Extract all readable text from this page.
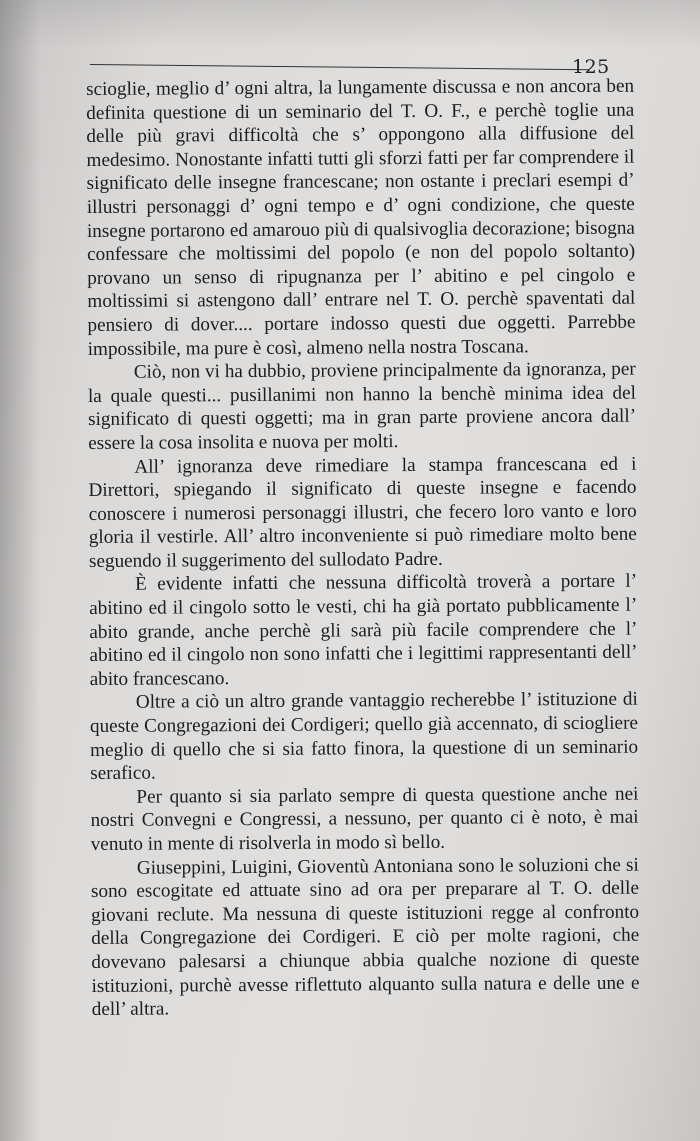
125

sciogliе, meglio d’ ogni altra, la lungamente discussa e non ancora ben definita questione di un seminario del T. O. F., e perchè toglie una delle più gravi difficoltà che s’ oppongono alla diffusione del medesimo. Nonostante infatti tutti gli sforzi fatti per far comprendere il significato delle insegne francescane; non ostante i preclari esempi d’ illustri personaggi d’ ogni tempo e d’ ogni condizione, che queste insegne portarono ed amarouo più di qualsivoglia decorazione; bisogna confessare che moltissimi del popolo (e non del popolo soltanto) provano un senso di ripugnanza per l’ abitino e pel cingolo e moltissimi si astengono dall’ entrare nel T. O. perchè spaventati dal pensiero di dover.... portare indosso questi due oggetti. Parrebbe impossibile, ma pure è così, almeno nella nostra Toscana.

Ciò, non vi ha dubbio, proviene principalmente da ignoranza, per la quale questi... pusillanimi non hanno la benchè minima idea del significato di questi oggetti; ma in gran parte proviene ancora dall’ essere la cosa insolita e nuova per molti.

All’ ignoranza deve rimediare la stampa francescana ed i Direttori, spiegando il significato di queste insegne e facendo conoscere i numerosi personaggi illustri, che fecero loro vanto e loro gloria il vestirle. All’ altro inconveniente si può rimediare molto bene seguendo il suggerimento del sullodato Padre.

È evidente infatti che nessuna difficoltà troverà a portare l’ abitino ed il cingolo sotto le vesti, chi ha già portato pubblicamente l’ abito grande, anche perchè gli sarà più facile comprendere che l’ abitino ed il cingolo non sono infatti che i legittimi rappresentanti dell’ abito francescano.

Oltre a ciò un altro grande vantaggio recherebbe l’ istituzione di queste Congregazioni dei Cordigeri; quello già accennato, di sciogliere meglio di quello che si sia fatto finora, la questione di un seminario serafico.

Per quanto si sia parlato sempre di questa questione anche nei nostri Convegni e Congressi, a nessuno, per quanto ci è noto, è mai venuto in mente di risolverla in modo sì bello.

Giuseppini, Luigini, Gioventù Antoniana sono le soluzioni che si sono escogitate ed attuate sino ad ora per preparare al T. O. delle giovani reclute. Ma nessuna di queste istituzioni regge al confronto della Congregazione dei Cordigeri. E ciò per molte ragioni, che dovevano palesarsi a chiunque abbia qualche nozione di queste istituzioni, purchè avesse riflettuto alquanto sulla natura e delle une e dell’ altra.
